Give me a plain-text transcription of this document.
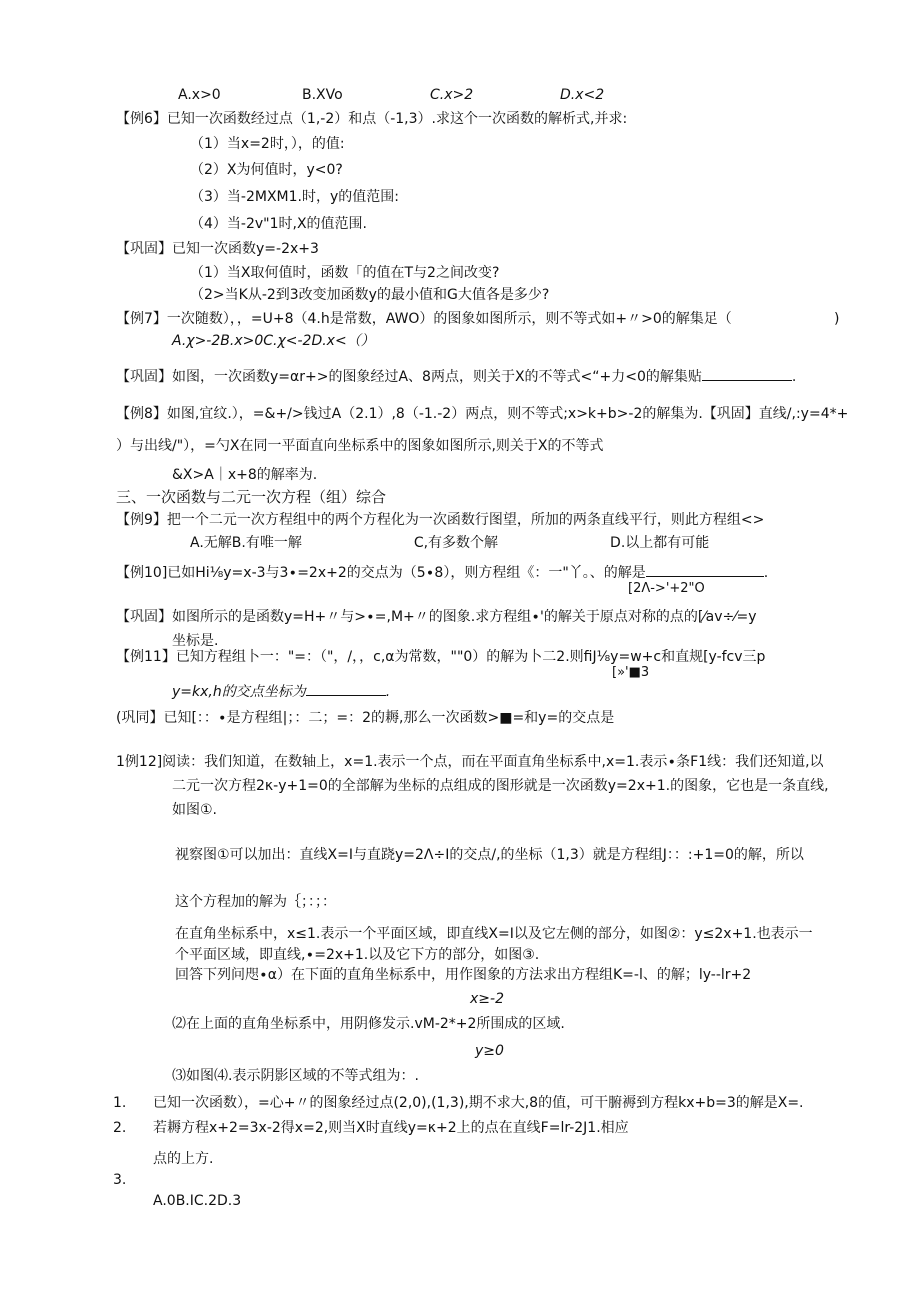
A.x>0	B.XVo	C.x>2	D.x<2
【例6】已知一次函数经过点（1,-2）和点（-1,3）.求这个一次函数的解析式,并求:
（1）当x=2时，），的值:
（2）X为何值时，y<0?
（3）当-2MXM1.时，y的值范围:
（4）当-2v"1时,X的值范围.
【巩固】已知一次函数y=-2x+3
（1）当X取何值时，函数「的值在T与2之间改变?
（2>当K从-2到3改变加函数y的最小值和G大值各是多少?
【例7】一次随数），，=U+8（4.h是常数，AWO）的图象如图所示，则不等式如+〃>0的解集足（	)
A.χ>-2B.x>0C.χ<-2D.x<（）
【巩固】如图，一次函数y=αr+>的图象经过A、8两点，则关于X的不等式<“+力<0的解集贴	.
【例8】如图,宜纹.），=&+/>钱过A（2.1）,8（-1.-2）两点，则不等式;x>k+b>-2的解集为.【巩固】直线/,:y=4*+
）与出线/"），=勺X在同一平面直向坐标系中的图象如图所示,则关于X的不等式
&X>A｜x+8的解率为.
三、一次函数与二元一次方程（组）综合
【例9】把一个二元一次方程组中的两个方程化为一次函数行图望，所加的两条直线平行，则此方程组<>
A.无解B.有唯一解　　　　　　　　C,有多数个解　　　　　　　　D.以上都有可能
【例10]已如Hi⅛y=x-3与3∙=2x+2的交点为（5∙8），则方程组《：一"丫。、的解是	.
[2Λ->'+2"O
【巩固】如图所示的是函数y=H+〃与>∙=,M+〃的图象.求方程组∙'的解关于原点对称的点的[⁄av÷⁄=y
坐标是.
【例11】已知方程组卜一："=：（"，/，，c,α为常数，""0）的解为卜二2.则fiJ⅛y=w+c和直规[y-fcv三p
[»'■3
y=kx,h的交点坐标为	.
(巩同】已知[：：∙是方程组|；：二；=：2的耨,那么一次函数>■=和y=的交点是
1例12]阅读：我们知道，在数轴上，x=1.表示一个点，而在平面直角坐标系中,x=1.表示∙条F1线：我们还知道,以
二元一次方程2κ-y+1=0的全部解为坐标的点组成的图形就是一次函数y=2x+1.的图象，它也是一条直线,
如图①.
视察图①可以加出：直线X=I与直跷y=2Λ÷I的交点/,的坐标（1,3）就是方程组J：：:+1=0的解，所以
这个方程加的解为｛；：；：
在直角坐标系中，x≤1.表示一个平面区域，即直线X=I以及它左侧的部分，如图②：y≤2x+1.也表示一
个平面区域，即直线,∙=2x+1.以及它下方的部分，如图③.
回答下列问咫∙α）在下面的直角坐标系中，用作图象的方法求出方程组K=-l、的解；ly--lr+2
x≥-2
⑵在上面的直角坐标系中，用阴修发示.vM-2*+2所围成的区域.
y≥0
⑶如图⑷.表示阴影区域的不等式组为：.
1. 已知一次函数），=心+〃的图象经过点(2,0),(1,3),期不求大,8的值，可干腑褥到方程kx+b=3的解是X=.
2. 若耨方程x+2=3x-2得x=2,则当X时直线y=κ+2上的点在直线F=lr-2J1.相应
点的上方.
3.
A.0B.IC.2D.3
